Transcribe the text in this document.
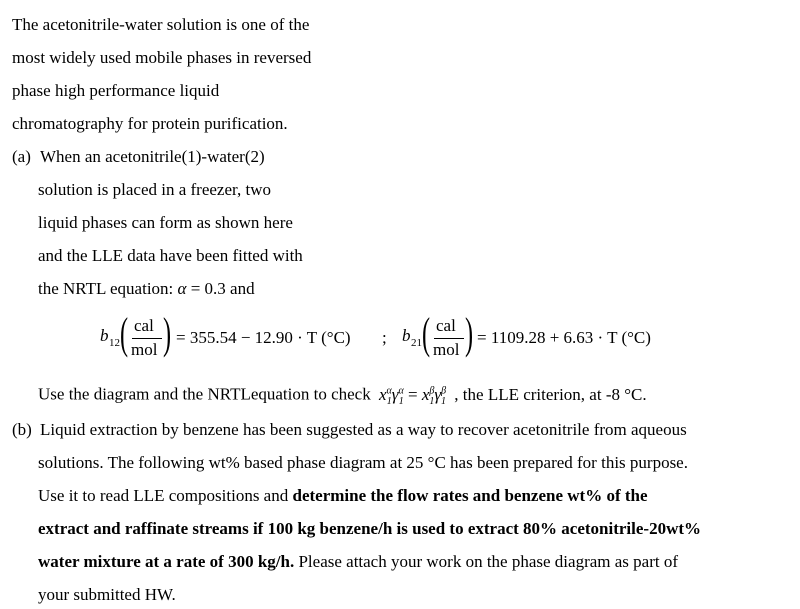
The acetonitrile-water solution is one of the
most widely used mobile phases in reversed
phase high performance liquid
chromatography for protein purification.
(a) When an acetonitrile(1)-water(2)
solution is placed in a freezer, two
liquid phases can form as shown here
and the LLE data have been fitted with
the NRTL equation: α = 0.3 and
b 12 ( cal
mol ) = 355.54 − 12.90 · T (°C) ; b 21 ( cal
mol ) = 1109.28 + 6.63 · T (°C)
Use the diagram and the NRTLequation to check $x^\alpha_1\gamma^\alpha_1 = x^\beta_1\gamma^\beta_1$ , the LLE criterion, at -8 °C.
(b) Liquid extraction by benzene has been suggested as a way to recover acetonitrile from aqueous
solutions. The following wt% based phase diagram at 25 °C has been prepared for this purpose.
Use it to read LLE compositions and determine the flow rates and benzene wt% of the
extract and raffinate streams if 100 kg benzene/h is used to extract 80% acetonitrile-20wt%
water mixture at a rate of 300 kg/h. Please attach your work on the phase diagram as part of
your submitted HW.
